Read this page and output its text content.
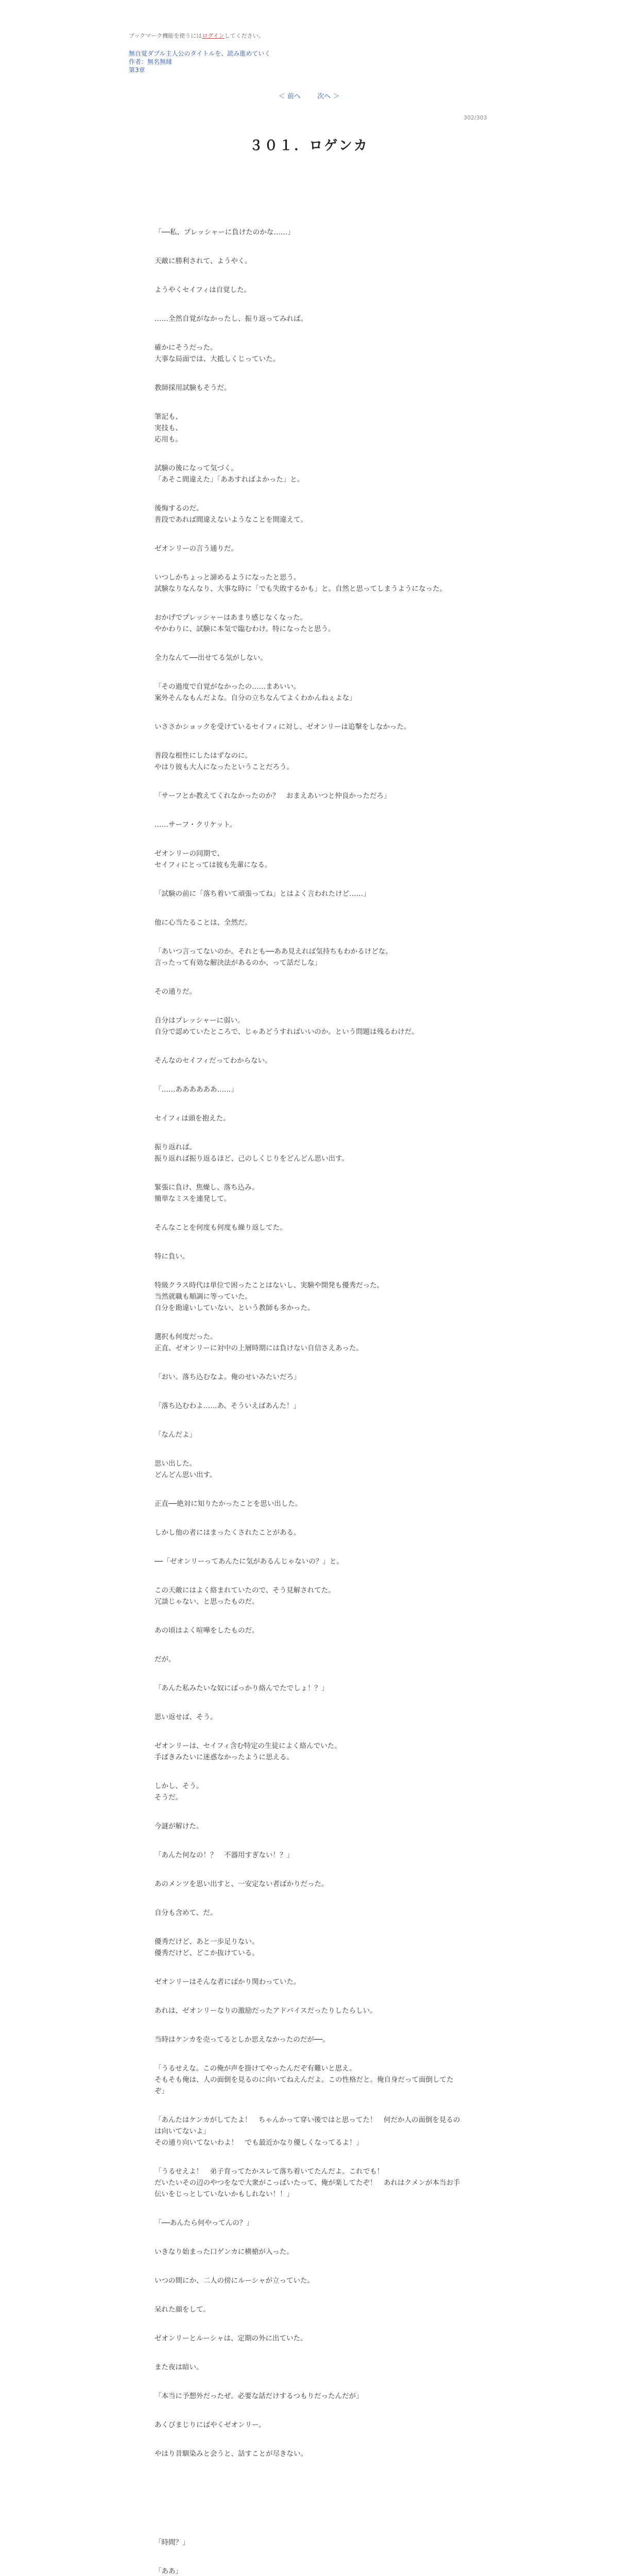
ブックマーク機能を使うにはログインしてください。
無自覚ダブル主人公のタイトルを、読み進めていく
作者：無名無縁
第3章
＜ 前へ 次へ ＞
302/303
３０１．ロゲンカ

「──私、プレッシャーに負けたのかな……」

天敵に勝利されて、ようやく。

ようやくセイフィは自覚した。

……全然自覚がなかったし、振り返ってみれば。

確かにそうだった。
大事な局面では、大抵しくじっていた。

教師採用試験もそうだ。

筆記も、
実技も、
応用も。

試験の後になって気づく。
「あそこ間違えた」「ああすればよかった」と。

後悔するのだ。
普段であれば間違えないようなことを間違えて。

ゼオンリーの言う通りだ。

いつしかちょっと諦めるようになったと思う。
試験なりなんなり、大事な時に「でも失敗するかも」と。自然と思ってしまうようになった。

おかげでプレッシャーはあまり感じなくなった。
やかわりに、試験に本気で臨むわけ。特になったと思う。

全力なんて──出せてる気がしない。

「その過度で自覚がなかったの……まあいい。
案外そんなもんだよな。自分の立ちなんてよくわかんねぇよな」

いささかショックを受けているセイフィに対し、ゼオンリーは追撃をしなかった。

普段な根性にしたはずなのに。
やはり彼も大人になったということだろう。

「サーフとか教えてくれなかったのか？　おまえあいつと仲良かっただろ」

……サーフ・クリケット。

ゼオンリーの同期で、
セイフィにとっては彼も先輩になる。

「試験の前に「落ち着いて頑張ってね」とはよく言われたけど……」

他に心当たることは、全然だ。

「あいつ言ってないのか。それとも──ああ見えれば気持ちもわかるけどな。
言ったって有効な解決法があるのか、って話だしな」

その通りだ。

自分はプレッシャーに弱い。
自分で認めていたところで、じゃあどうすればいいのか。という問題は残るわけだ。

そんなのセイフィだってわからない。

「……ああああああ……」

セイフィは頭を抱えた。

振り返れば。
振り返れば振り返るほど、己のしくじりをどんどん思い出す。

緊張に負け、焦燥し、落ち込み。
簡単なミスを連発して。

そんなことを何度も何度も繰り返してた。

特に負い。

特級クラス時代は単位で困ったことはないし、実験や開発も優秀だった。
当然就職も順調に等っていた。
自分を勘違いしていない、という教師も多かった。

選択も何度だった。
正直、ゼオンリーに対中の上層時期には負けない自信さえあった。

「おい。落ち込むなよ。俺のせいみたいだろ」

「落ち込むわよ……あ、そういえばあんた！」

「なんだよ」

思い出した。
どんどん思い出す。

正直──絶対に知りたかったことを思い出した。

しかし他の者にはまったくされたことがある。

──「ゼオンリーってあんたに気があるんじゃないの？」と。

この天敵にはよく絡まれていたので、そう見解されてた。
冗談じゃない、と思ったものだ。

あの頃はよく喧嘩をしたものだ。

だが。

「あんた私みたいな奴にばっかり絡んでたでしょ！？」

思い返せば、そう。

ゼオンリーは、セイフィ含む特定の生徒によく絡んでいた。
手ぱきみたいに迷惑なかったように思える。

しかし、そう。
そうだ。

今謎が解けた。

「あんた何なの！？　不器用すぎない！？」

あのメンツを思い出すと、一安定ない者ばかりだった。

自分も含めて、だ。

優秀だけど、あと一歩足りない。
優秀だけど、どこか抜けている。

ゼオンリーはそんな者にばかり関わっていた。

あれは、ゼオンリーなりの激励だったアドバイスだったりしたらしい。

当時はケンカを売ってるとしか思えなかったのだが──。

「うるせえな。この俺が声を掛けてやったんだぞ有難いと思え。
そもそも俺は、人の面倒を見るのに向いてねえんだよ。この性格だと。俺自身だって面倒してたぞ」

「あんたはケンカがしてたよ！　ちゃんかって穿い後ではと思ってた！　何だか人の面倒を見るのは向いてないよ」
その通り向いてないわよ！　でも最近かなり優しくなってるよ！」

「うるせえよ！　弟子育ってたかスレて落ち着いてたんだよ。これでも！
だいたいその辺のやつをなで大衆がこっぱいたって、俺が楽してたぞ！　あれはクメンが本当お手伝いをじっとしていないかもしれない！！」

「──あんたら何やってんの？」

いきなり始まった口ゲンカに横槍が入った。

いつの間にか、二人の傍にルーシャが立っていた。

呆れた顔をして。

ゼオンリーとルーシャは、定期の外に出ていた。

また夜は暗い。

「本当に予想外だったぜ。必要な話だけするつもりだったんだが」

あくびまじりにばやくゼオンリー。

やはり昔馴染みと会うと、話すことが尽きない。

「時間？」

「ああ」
